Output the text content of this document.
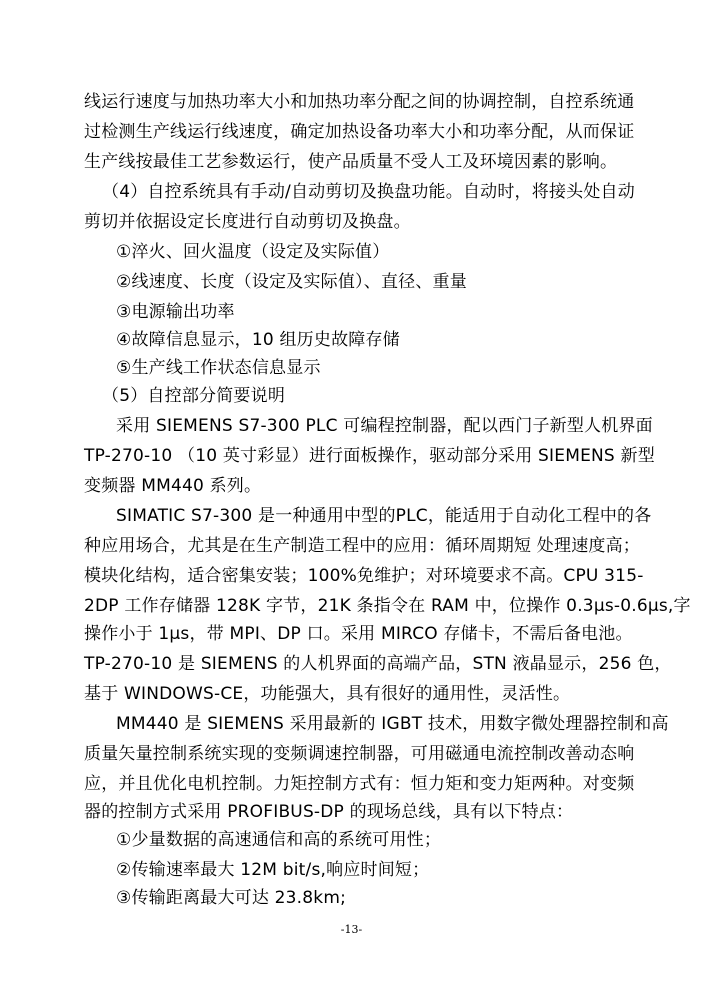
线运行速度与加热功率大小和加热功率分配之间的协调控制，自控系统通
过检测生产线运行线速度，确定加热设备功率大小和功率分配，从而保证
生产线按最佳工艺参数运行，使产品质量不受人工及环境因素的影响。
（4）自控系统具有手动/自动剪切及换盘功能。自动时，将接头处自动
剪切并依据设定长度进行自动剪切及换盘。
①淬火、回火温度（设定及实际值）
②线速度、长度（设定及实际值）、直径、重量
③电源输出功率
④故障信息显示，10 组历史故障存储
⑤生产线工作状态信息显示
（5）自控部分简要说明
采用 SIEMENS S7-300 PLC 可编程控制器，配以西门子新型人机界面
TP-270-10 （10 英寸彩显）进行面板操作，驱动部分采用 SIEMENS 新型
变频器 MM440 系列。
SIMATIC S7-300 是一种通用中型的PLC，能适用于自动化工程中的各
种应用场合，尤其是在生产制造工程中的应用：循环周期短 处理速度高；
模块化结构，适合密集安装；100%免维护；对环境要求不高。CPU 315-
2DP 工作存储器 128K 字节，21K 条指令在 RAM 中，位操作 0.3μs-0.6μs,字
操作小于 1μs，带 MPI、DP 口。采用 MIRCO 存储卡，不需后备电池。
TP-270-10 是 SIEMENS 的人机界面的高端产品，STN 液晶显示，256 色，
基于 WINDOWS-CE，功能强大，具有很好的通用性，灵活性。
MM440 是 SIEMENS 采用最新的 IGBT 技术，用数字微处理器控制和高
质量矢量控制系统实现的变频调速控制器，可用磁通电流控制改善动态响
应，并且优化电机控制。力矩控制方式有：恒力矩和变力矩两种。对变频
器的控制方式采用 PROFIBUS-DP 的现场总线，具有以下特点：
①少量数据的高速通信和高的系统可用性；
②传输速率最大 12M bit/s,响应时间短；
③传输距离最大可达 23.8km;
-13-
